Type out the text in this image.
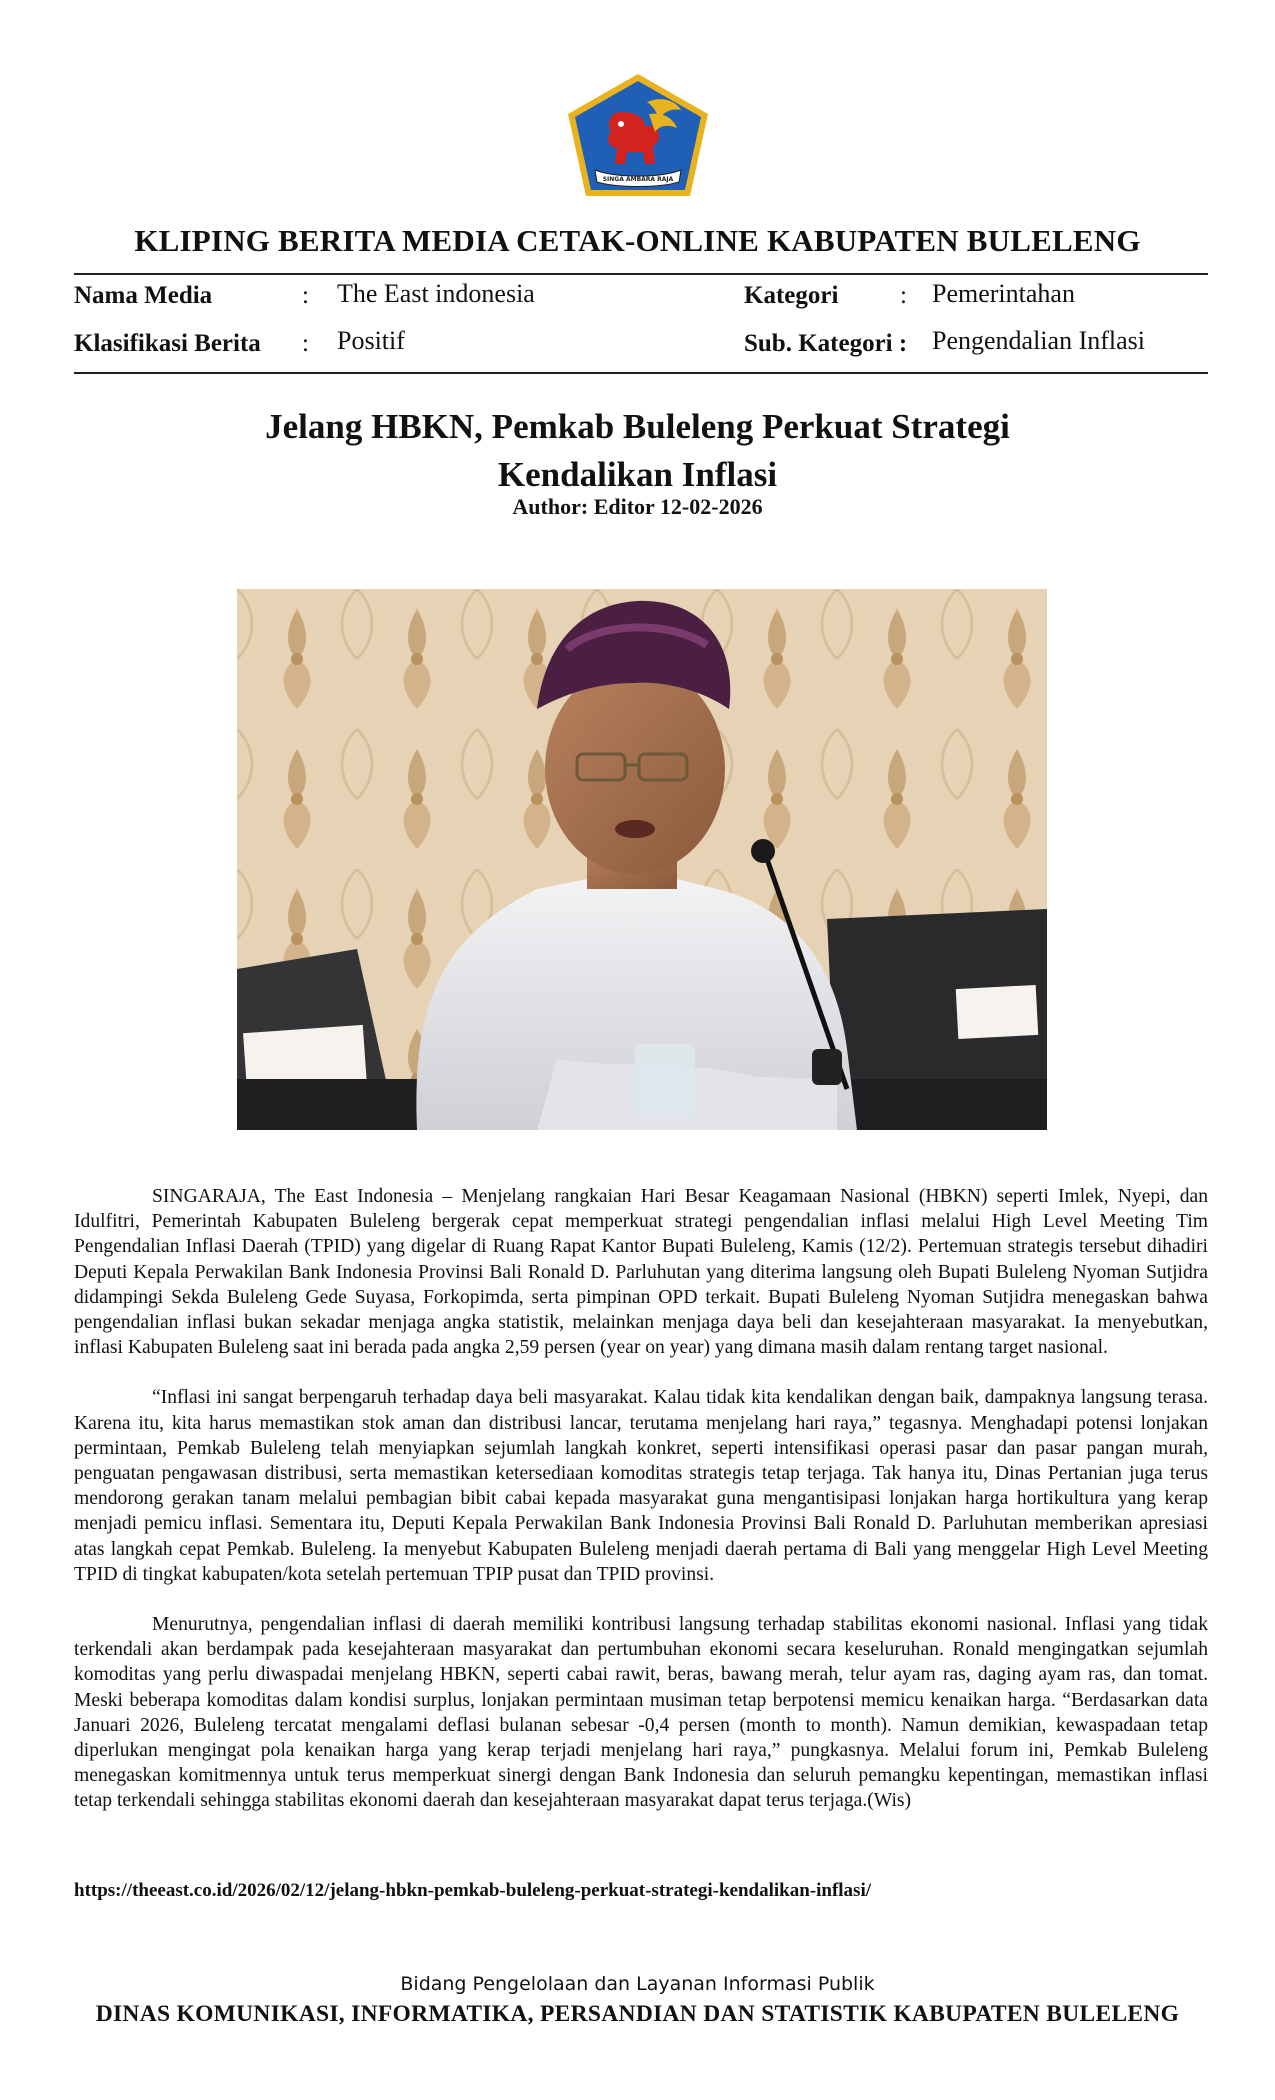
SINGA AMBARA RAJA
KLIPING BERITA MEDIA CETAK-ONLINE KABUPATEN BULELENG
Nama Media	: The East indonesia	Kategori : Pemerintahan
Klasifikasi Berita : Positif	Sub. Kategori : Pengendalian Inflasi
Jelang HBKN, Pemkab Buleleng Perkuat Strategi
Kendalikan Inflasi
Author: Editor 12-02-2026

SINGARAJA, The East Indonesia – Menjelang rangkaian Hari Besar Keagamaan Nasional (HBKN) seperti Imlek, Nyepi, dan Idulfitri, Pemerintah Kabupaten Buleleng bergerak cepat memperkuat strategi pengendalian inflasi melalui High Level Meeting Tim Pengendalian Inflasi Daerah (TPID) yang digelar di Ruang Rapat Kantor Bupati Buleleng, Kamis (12/2). Pertemuan strategis tersebut dihadiri Deputi Kepala Perwakilan Bank Indonesia Provinsi Bali Ronald D. Parluhutan yang diterima langsung oleh Bupati Buleleng Nyoman Sutjidra didampingi Sekda Buleleng Gede Suyasa, Forkopimda, serta pimpinan OPD terkait. Bupati Buleleng Nyoman Sutjidra menegaskan bahwa pengendalian inflasi bukan sekadar menjaga angka statistik, melainkan menjaga daya beli dan kesejahteraan masyarakat. Ia menyebutkan, inflasi Kabupaten Buleleng saat ini berada pada angka 2,59 persen (year on year) yang dimana masih dalam rentang target nasional.

“Inflasi ini sangat berpengaruh terhadap daya beli masyarakat. Kalau tidak kita kendalikan dengan baik, dampaknya langsung terasa. Karena itu, kita harus memastikan stok aman dan distribusi lancar, terutama menjelang hari raya,” tegasnya. Menghadapi potensi lonjakan permintaan, Pemkab Buleleng telah menyiapkan sejumlah langkah konkret, seperti intensifikasi operasi pasar dan pasar pangan murah, penguatan pengawasan distribusi, serta memastikan ketersediaan komoditas strategis tetap terjaga. Tak hanya itu, Dinas Pertanian juga terus mendorong gerakan tanam melalui pembagian bibit cabai kepada masyarakat guna mengantisipasi lonjakan harga hortikultura yang kerap menjadi pemicu inflasi. Sementara itu, Deputi Kepala Perwakilan Bank Indonesia Provinsi Bali Ronald D. Parluhutan memberikan apresiasi atas langkah cepat Pemkab. Buleleng. Ia menyebut Kabupaten Buleleng menjadi daerah pertama di Bali yang menggelar High Level Meeting TPID di tingkat kabupaten/kota setelah pertemuan TPIP pusat dan TPID provinsi.

Menurutnya, pengendalian inflasi di daerah memiliki kontribusi langsung terhadap stabilitas ekonomi nasional. Inflasi yang tidak terkendali akan berdampak pada kesejahteraan masyarakat dan pertumbuhan ekonomi secara keseluruhan. Ronald mengingatkan sejumlah komoditas yang perlu diwaspadai menjelang HBKN, seperti cabai rawit, beras, bawang merah, telur ayam ras, daging ayam ras, dan tomat. Meski beberapa komoditas dalam kondisi surplus, lonjakan permintaan musiman tetap berpotensi memicu kenaikan harga. “Berdasarkan data Januari 2026, Buleleng tercatat mengalami deflasi bulanan sebesar -0,4 persen (month to month). Namun demikian, kewaspadaan tetap diperlukan mengingat pola kenaikan harga yang kerap terjadi menjelang hari raya,” pungkasnya. Melalui forum ini, Pemkab Buleleng menegaskan komitmennya untuk terus memperkuat sinergi dengan Bank Indonesia dan seluruh pemangku kepentingan, memastikan inflasi tetap terkendali sehingga stabilitas ekonomi daerah dan kesejahteraan masyarakat dapat terus terjaga.(Wis)

https://theeast.co.id/2026/02/12/jelang-hbkn-pemkab-buleleng-perkuat-strategi-kendalikan-inflasi/
Bidang Pengelolaan dan Layanan Informasi Publik
DINAS KOMUNIKASI, INFORMATIKA, PERSANDIAN DAN STATISTIK KABUPATEN BULELENG
